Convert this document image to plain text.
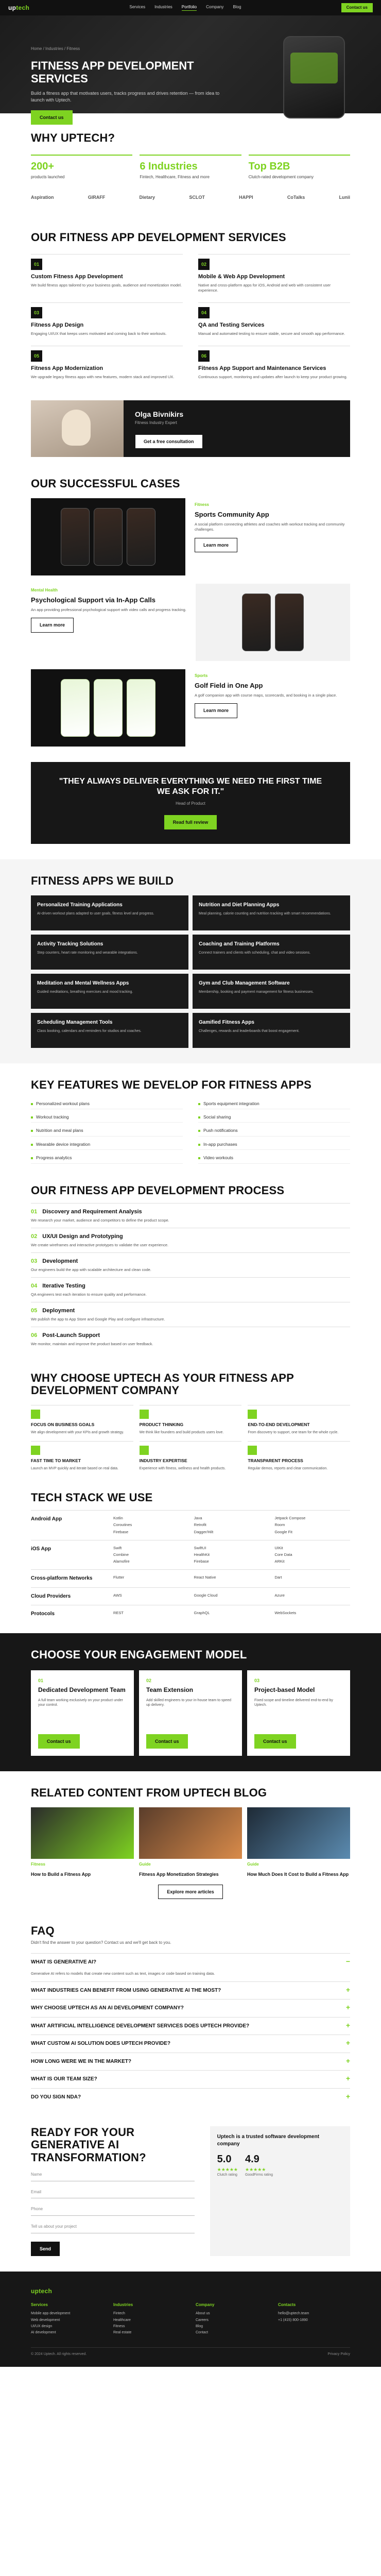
uptech	Services Industries Portfolio Company Blog	Contact us
Home / Industries / Fitness
FITNESS APP DEVELOPMENT SERVICES

Build a fitness app that motivates users, tracks progress and drives retention — from idea to launch with Uptech.

Contact us
WHY UPTECH?
200+
products launched
6 Industries
Fintech, Healthcare, Fitness and more
Top B2B
Clutch-rated development company
Aspiration	GIRAFF	Dietary	SCLOT	HAPPI	CoTalks	Lunii
OUR FITNESS APP DEVELOPMENT SERVICES
01
Custom Fitness App Development

We build fitness apps tailored to your business goals, audience and monetization model.

02
Mobile & Web App Development

Native and cross-platform apps for iOS, Android and web with consistent user experience.

03
Fitness App Design

Engaging UI/UX that keeps users motivated and coming back to their workouts.

04
QA and Testing Services

Manual and automated testing to ensure stable, secure and smooth app performance.

05
Fitness App Modernization

We upgrade legacy fitness apps with new features, modern stack and improved UX.

06
Fitness App Support and Maintenance Services

Continuous support, monitoring and updates after launch to keep your product growing.

Olga Bivnikirs
Fitness Industry Expert
Get a free consultation
OUR SUCCESSFUL CASES
Fitness
Sports Community App

A social platform connecting athletes and coaches with workout tracking and community challenges.

Learn more
Mental Health
Psychological Support via In-App Calls

An app providing professional psychological support with video calls and progress tracking.

Learn more
Sports
Golf Field in One App

A golf companion app with course maps, scorecards, and booking in a single place.

Learn more
"THEY ALWAYS DELIVER EVERYTHING WE NEED THE FIRST TIME WE ASK FOR IT."
Head of Product
Read full review
FITNESS APPS WE BUILD
Personalized Training Applications

AI-driven workout plans adapted to user goals, fitness level and progress.

Nutrition and Diet Planning Apps

Meal planning, calorie counting and nutrition tracking with smart recommendations.

Activity Tracking Solutions

Step counters, heart rate monitoring and wearable integrations.

Coaching and Training Platforms

Connect trainers and clients with scheduling, chat and video sessions.

Meditation and Mental Wellness Apps

Guided meditations, breathing exercises and mood tracking.

Gym and Club Management Software

Membership, booking and payment management for fitness businesses.

Scheduling Management Tools

Class booking, calendars and reminders for studios and coaches.

Gamified Fitness Apps

Challenges, rewards and leaderboards that boost engagement.

KEY FEATURES WE DEVELOP FOR FITNESS APPS
Personalized workout plans	Sports equipment integration
Workout tracking	Social sharing
Nutrition and meal plans	Push notifications
Wearable device integration	In-app purchases
Progress analytics	Video workouts
OUR FITNESS APP DEVELOPMENT PROCESS
01 Discovery and Requirement Analysis

We research your market, audience and competitors to define the product scope.

02 UX/UI Design and Prototyping

We create wireframes and interactive prototypes to validate the user experience.

03 Development

Our engineers build the app with scalable architecture and clean code.

04 Iterative Testing

QA engineers test each iteration to ensure quality and performance.

05 Deployment

We publish the app to App Store and Google Play and configure infrastructure.

06 Post-Launch Support

We monitor, maintain and improve the product based on user feedback.

WHY CHOOSE UPTECH AS YOUR FITNESS APP DEVELOPMENT COMPANY
FOCUS ON BUSINESS GOALS

We align development with your KPIs and growth strategy.

PRODUCT THINKING

We think like founders and build products users love.

END-TO-END DEVELOPMENT

From discovery to support, one team for the whole cycle.

FAST TIME TO MARKET

Launch an MVP quickly and iterate based on real data.

INDUSTRY EXPERTISE

Experience with fitness, wellness and health products.

TRANSPARENT PROCESS

Regular demos, reports and clear communication.

TECH STACK WE USE
Android App	Kotlin	Java	Jetpack Compose
Coroutines	Retrofit	Room
Firebase	Dagger/Hilt	Google Fit
iOS App	Swift	SwiftUI	UIKit
Combine	HealthKit	Core Data
Alamofire	Firebase	ARKit
Cross-platform Networks	Flutter	React Native	Dart
Cloud Providers	AWS	Google Cloud	Azure
Protocols	REST	GraphQL	WebSockets
CHOOSE YOUR ENGAGEMENT MODEL
01
Dedicated Development Team

A full team working exclusively on your product under your control.

Contact us
02
Team Extension

Add skilled engineers to your in-house team to speed up delivery.

Contact us
03
Project-based Model

Fixed scope and timeline delivered end-to-end by Uptech.

Contact us
RELATED CONTENT FROM UPTECH BLOG
Fitness
How to Build a Fitness App
Guide
Fitness App Monetization Strategies
Guide
How Much Does It Cost to Build a Fitness App
Explore more articles
FAQ

Didn't find the answer to your question? Contact us and we'll get back to you.

WHAT IS GENERATIVE AI?	−
Generative AI refers to models that create new content such as text, images or code based on training data.
WHAT INDUSTRIES CAN BENEFIT FROM USING GENERATIVE AI THE MOST?	+
WHY CHOOSE UPTECH AS AN AI DEVELOPMENT COMPANY?	+
WHAT ARTIFICIAL INTELLIGENCE DEVELOPMENT SERVICES DOES UPTECH PROVIDE?	+
WHAT CUSTOM AI SOLUTION DOES UPTECH PROVIDE?	+
HOW LONG WERE WE IN THE MARKET?	+
WHAT IS OUR TEAM SIZE?	+
DO YOU SIGN NDA?	+
READY FOR YOUR GENERATIVE AI TRANSFORMATION?
Name
Email
Phone
Tell us about your project
Send
Uptech is a trusted software development company
5.0
★★★★★
Clutch rating
4.9
★★★★★
GoodFirms rating
uptech
Services
Mobile app development
Web development
UI/UX design
AI development
Industries
Fintech
Healthcare
Fitness
Real estate
Company
About us
Careers
Blog
Contact
Contacts
hello@uptech.team
+1 (415) 800-1890
© 2024 Uptech. All rights reserved.	Privacy Policy
